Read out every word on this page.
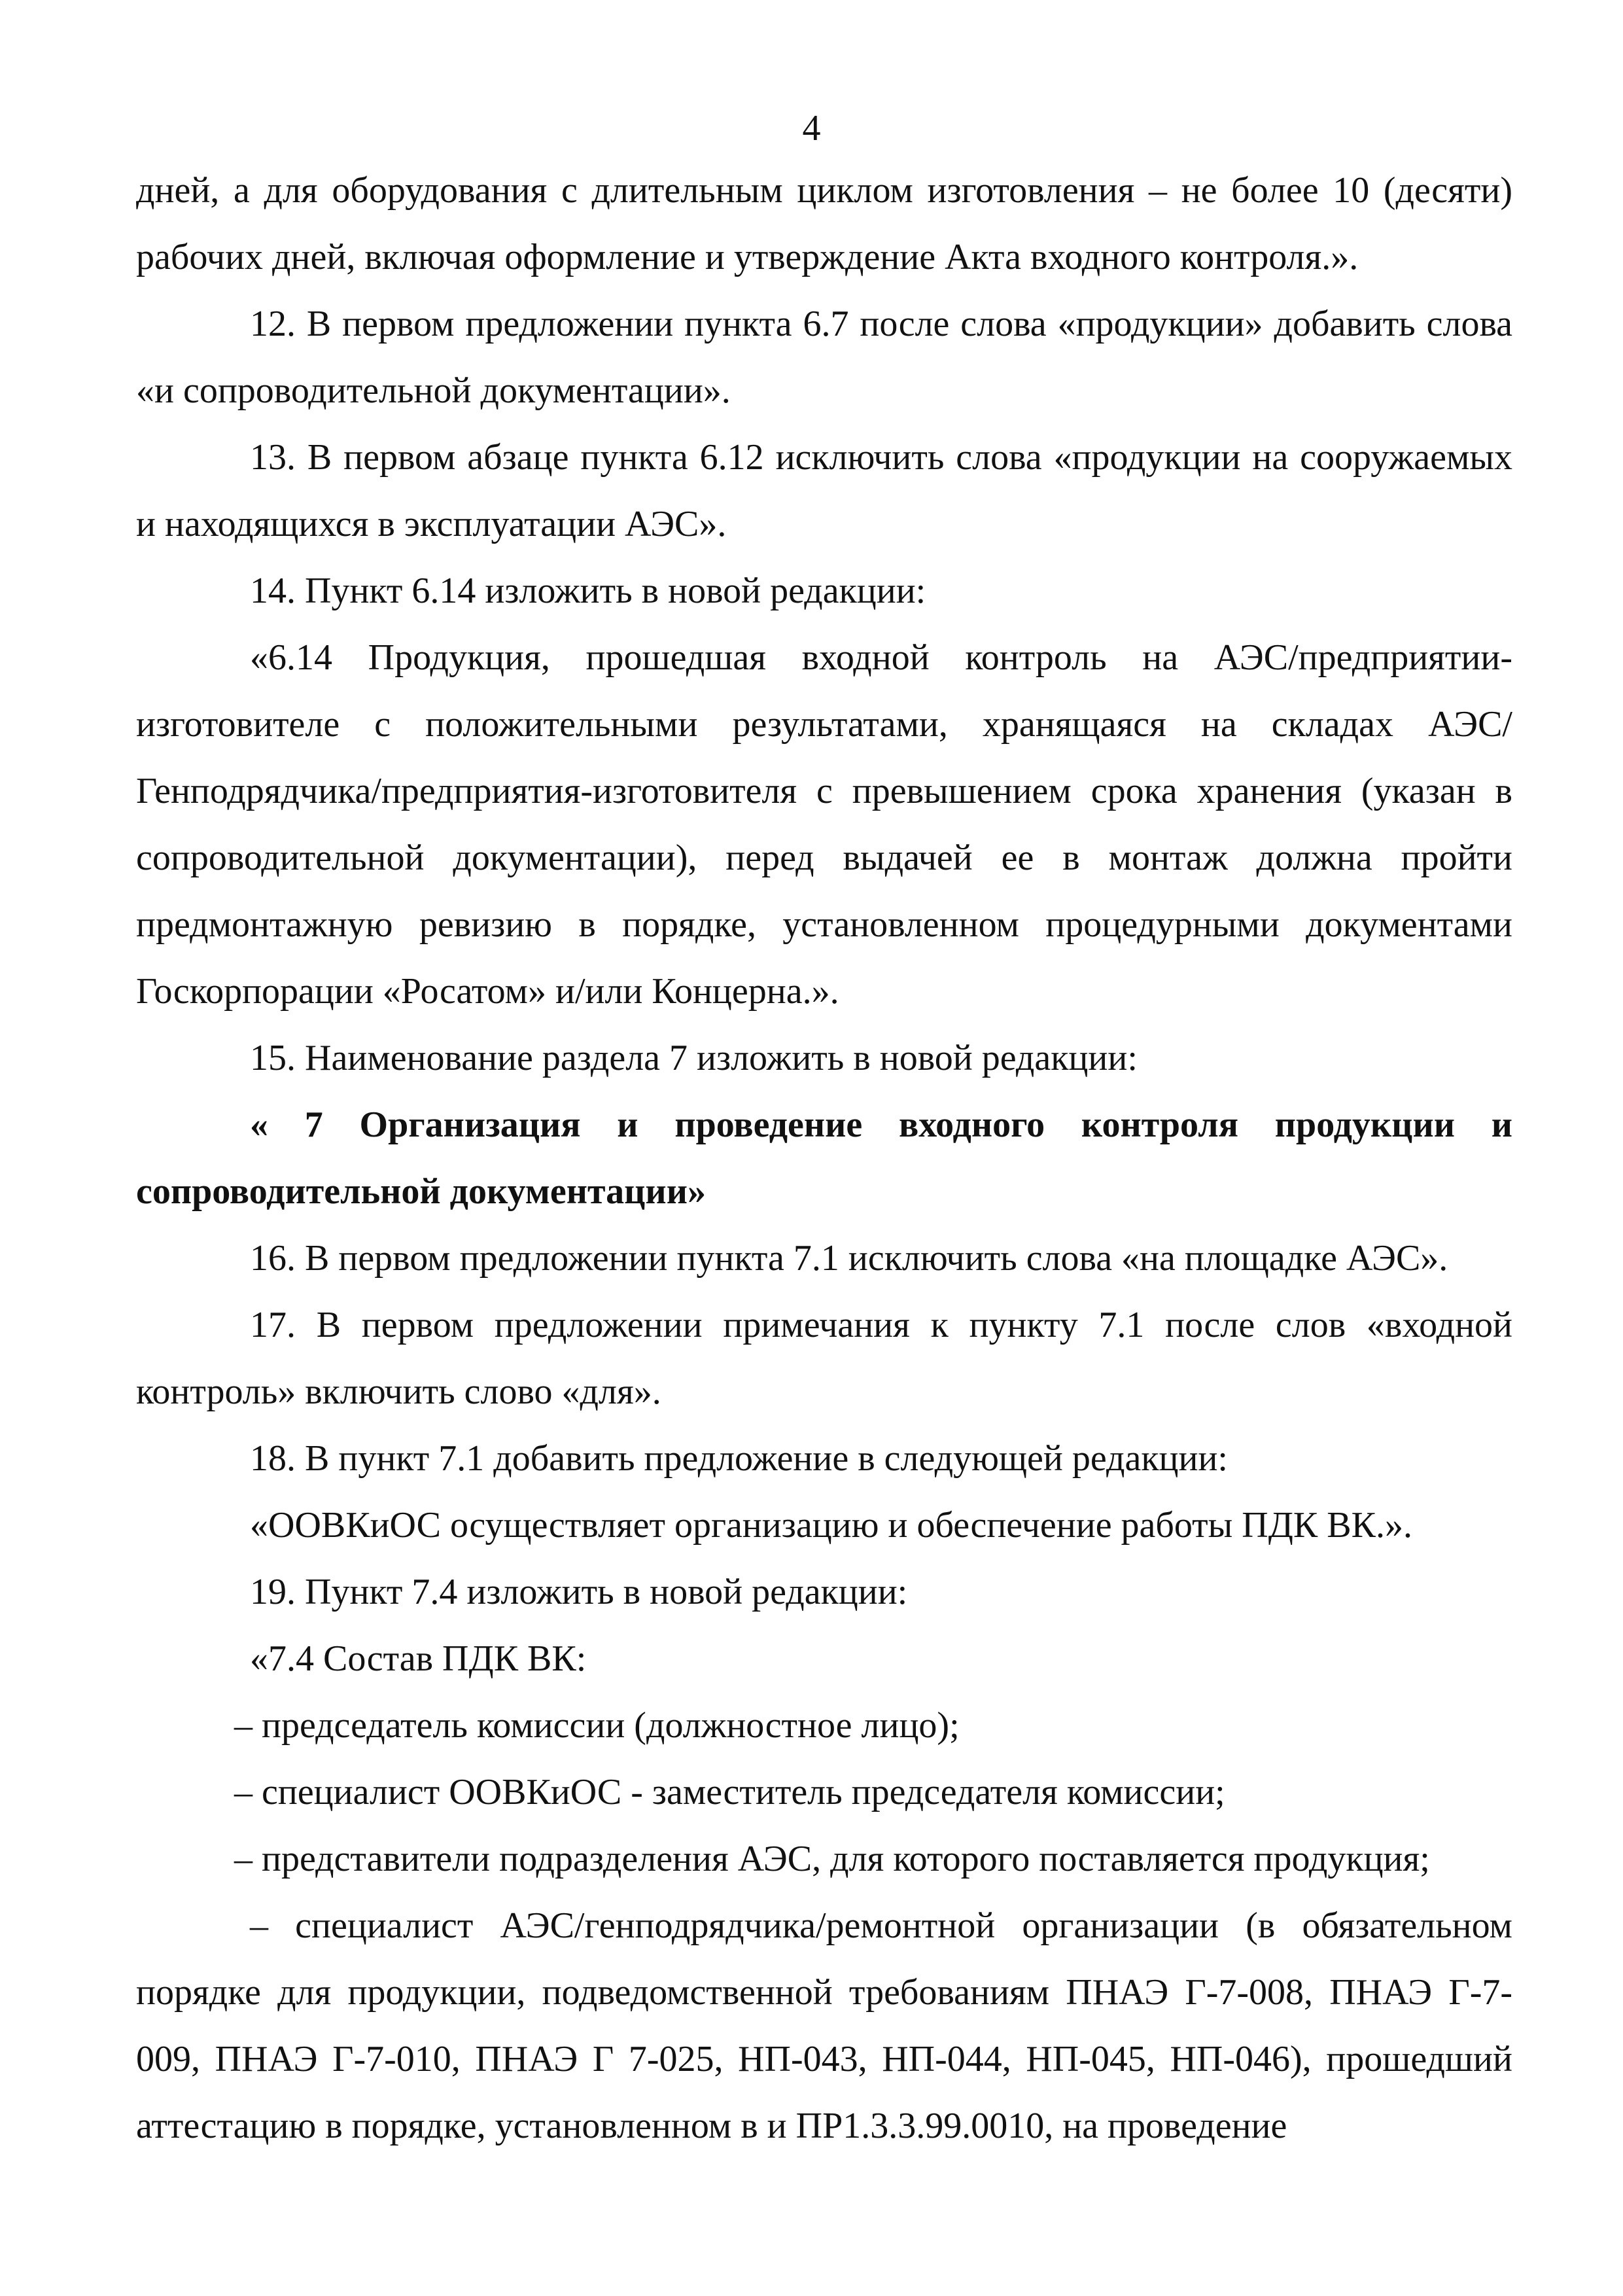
4

дней, а для оборудования с длительным циклом изготовления – не более 10 (десяти) рабочих дней, включая оформление и утверждение Акта входного контроля.».

12. В первом предложении пункта 6.7 после слова «продукции» добавить слова «и сопроводительной документации».

13. В первом абзаце пункта 6.12 исключить слова «продукции на сооружаемых и находящихся в эксплуатации АЭС».

14. Пункт 6.14 изложить в новой редакции:

«6.14 Продукция, прошедшая входной контроль на АЭС/предприятии-изготовителе с положительными результатами, хранящаяся на складах АЭС/Генподрядчика/предприятия-изготовителя с превышением срока хранения (указан в сопроводительной документации), перед выдачей ее в монтаж должна пройти предмонтажную ревизию в порядке, установленном процедурными документами Госкорпорации «Росатом» и/или Концерна.».

15. Наименование раздела 7 изложить в новой редакции:

« 7 Организация и проведение входного контроля продукции и сопроводительной документации»

16. В первом предложении пункта 7.1 исключить слова «на площадке АЭС».

17. В первом предложении примечания к пункту 7.1 после слов «входной контроль» включить слово «для».

18. В пункт 7.1 добавить предложение в следующей редакции:

«ООВКиОС осуществляет организацию и обеспечение работы ПДК ВК.».

19. Пункт 7.4 изложить в новой редакции:

«7.4 Состав ПДК ВК:

– председатель комиссии (должностное лицо);

– специалист ООВКиОС - заместитель председателя комиссии;

– представители подразделения АЭС, для которого поставляется продукция;

– специалист АЭС/генподрядчика/ремонтной организации (в обязательном порядке для продукции, подведомственной требованиям ПНАЭ Г-7-008, ПНАЭ Г-7-009, ПНАЭ Г-7-010, ПНАЭ Г 7-025, НП-043, НП-044, НП-045, НП-046), прошедший аттестацию в порядке, установленном в и ПР1.3.3.99.0010, на проведение
